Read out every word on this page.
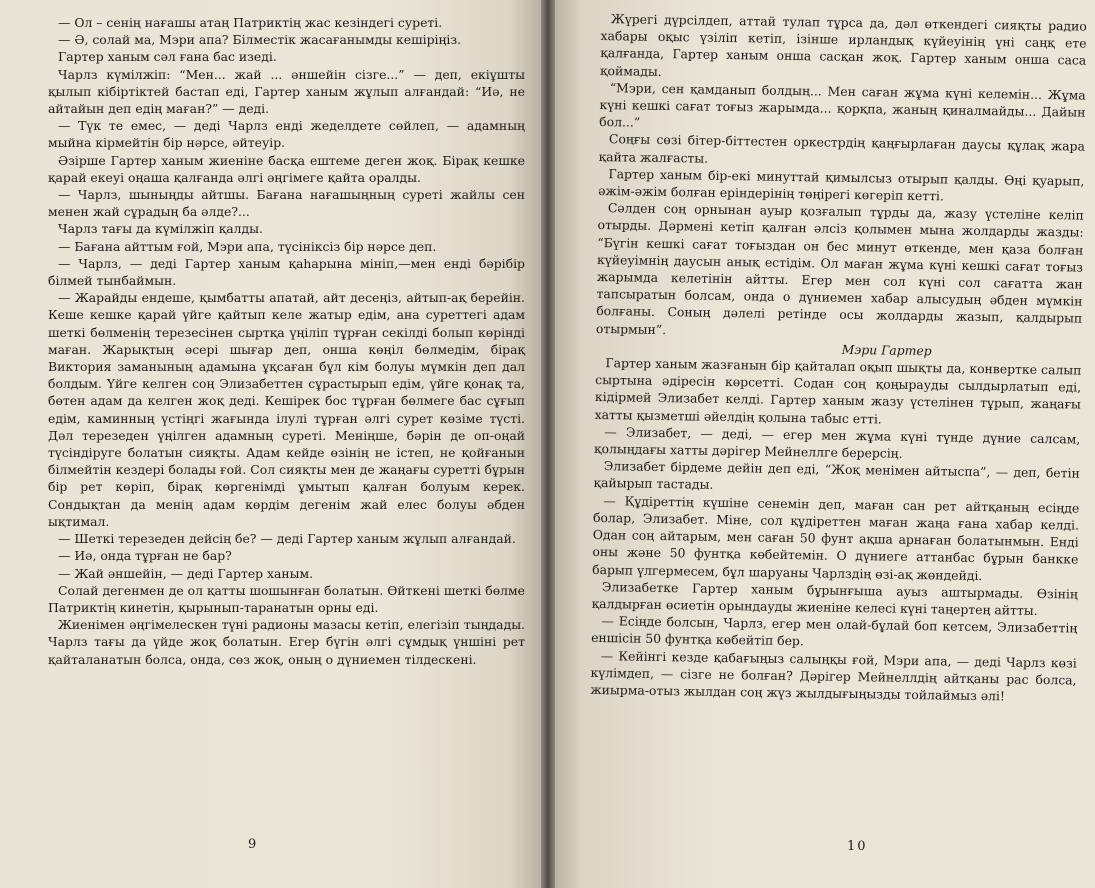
— Ол – сенің нағашы атаң Патриктің жас кезіндегі суреті.

— Ә, солай ма, Мэри апа? Білместік жасағанымды кешіріңіз.

Гартер ханым сәл ғана бас изеді.

Чарлз күмілжіп: “Мен... жай ... әншейін сізге...” — деп, екіұшты қылып кібіртіктей бастап еді, Гартер ханым жұлып алғандай: “Иә, не айтайын деп едің маған?” — деді.

— Түк те емес, — деді Чарлз енді жеделдете сөйлеп, — адамның мыйна кірмейтін бір нәрсе, әйтеуір.

Әзірше Гартер ханым жиеніне басқа ештеме деген жоқ. Бірақ кешке қарай екеуі оңаша қалғанда әлгі әңгімеге қайта оралды.

— Чарлз, шыныңды айтшы. Бағана нағашыңның суреті жайлы сен менен жай сұрадың ба әлде?...

Чарлз тағы да күмілжіп қалды.

— Бағана айттым ғой, Мэри апа, түсініксіз бір нәрсе деп.

— Чарлз, — деді Гартер ханым қаһарына мініп,—мен енді бәрібір білмей тынбаймын.

— Жарайды ендеше, қымбатты апатай, айт десеңіз, айтып-ақ берейін. Кеше кешке қарай үйге қайтып келе жатыр едім, ана суреттегі адам шеткі бөлменің терезесінен сыртқа үңіліп тұрған секілді болып көрінді маған. Жарықтың әсері шығар деп, онша көңіл бөлмедім, бірақ Виктория заманының адамына ұқсаған бұл кім болуы мүмкін деп дал болдым. Үйге келген соң Элизабеттен сұрастырып едім, үйге қонақ та, бөтен адам да келген жоқ деді. Кешірек бос тұрған бөлмеге бас сұғып едім, каминның үстіңгі жағында ілулі тұрған әлгі сурет көзіме түсті. Дәл терезеден үңілген адамның суреті. Меніңше, бәрін де оп-оңай түсіндіруге болатын сияқты. Адам кейде өзінің не істеп, не қойғанын білмейтін кездері болады ғой. Сол сияқты мен де жаңағы суретті бұрын бір рет көріп, бірақ көргенімді ұмытып қалған болуым керек. Сондықтан да менің адам көрдім дегенім жай елес болуы әбден ықтимал.

— Шеткі терезеден дейсің бе? — деді Гартер ханым жұлып алғандай.

— Иә, онда тұрған не бар?

— Жай әншейін, — деді Гартер ханым.

Солай дегенмен де ол қатты шошынған болатын. Өйткені шеткі бөлме Патриктің кинетін, қырынып-таранатын орны еді.

Жиенімен әңгімелескен түні радионы мазасы кетіп, елегізіп тыңдады. Чарлз тағы да үйде жоқ болатын. Егер бүгін әлгі сұмдық үншіні рет қайталанатын болса, онда, сөз жоқ, оның о дүниемен тілдескені.

9

Жүрегі дүрсілдеп, аттай тулап тұрса да, дәл өткендегі сияқты радио хабары оқыс үзіліп кетіп, ізінше ирландық күйеуінің үні саңқ ете қалғанда, Гартер ханым онша сасқан жоқ. Гартер ханым онша саса қоймады.

“Мэри, сен қамданып болдың... Мен саған жұма күні келемін... Жұма күні кешкі сағат тоғыз жарымда... қорқпа, жаның қиналмайды... Дайын бол...”

Соңғы сөзі бітер-біттестен оркестрдің қаңғырлаған даусы құлақ жара қайта жалғасты.

Гартер ханым бір-екі минуттай қимылсыз отырып қалды. Өңі қуарып, әжім-әжім болған еріндерінің төңірегі көгеріп кетті.

Сәлден соң орнынан ауыр қозғалып тұрды да, жазу үстеліне келіп отырды. Дәрмені кетіп қалған әлсіз қолымен мына жолдарды жазды: “Бүгін кешкі сағат тоғыздан он бес минут өткенде, мен қаза болған күйеуімнің даусын анық естідім. Ол маған жұма күні кешкі сағат тоғыз жарымда келетінін айтты. Егер мен сол күні сол сағатта жан тапсыратын болсам, онда о дүниемен хабар алысудың әбден мүмкін болғаны. Соның дәлелі ретінде осы жолдарды жазып, қалдырып отырмын”.

Мэри Гартер

Гартер ханым жазғанын бір қайталап оқып шықты да, конвертке салып сыртына әдіресін көрсетті. Содан соң қоңырауды сылдырлатып еді, кідірмей Элизабет келді. Гартер ханым жазу үстелінен тұрып, жаңағы хатты қызметші әйелдің қолына табыс етті.

— Элизабет, — деді, — егер мен жұма күні түнде дүние салсам, қолыңдағы хатты дәрігер Мейнеллге берерсің.

Элизабет бірдеме дейін деп еді, “Жоқ менімен айтыспа”, — деп, бетін қайырып тастады.

— Құдіреттің күшіне сенемін деп, маған сан рет айтқаның есіңде болар, Элизабет. Міне, сол құдіреттен маған жаңа ғана хабар келді. Одан соң айтарым, мен саған 50 фунт ақша арнаған болатынмын. Енді оны және 50 фунтқа көбейтемін. О дүниеге аттанбас бұрын банкке барып үлгермесем, бұл шаруаны Чарлздің өзі-ақ жөндейді.

Элизабетке Гартер ханым бұрынғыша ауыз аштырмады. Өзінің қалдырған өсиетін орындауды жиеніне келесі күні таңертең айтты.

— Есіңде болсын, Чарлз, егер мен олай-бұлай боп кетсем, Элизабеттің еншісін 50 фунтқа көбейтіп бер.

— Кейінгі кезде қабағыңыз салыңқы ғой, Мэри апа, — деді Чарлз көзі күлімдеп, — сізге не болған? Дәрігер Мейнеллдің айтқаны рас болса, жиырма-отыз жылдан соң жүз жылдығыңызды тойлаймыз әлі!

10
